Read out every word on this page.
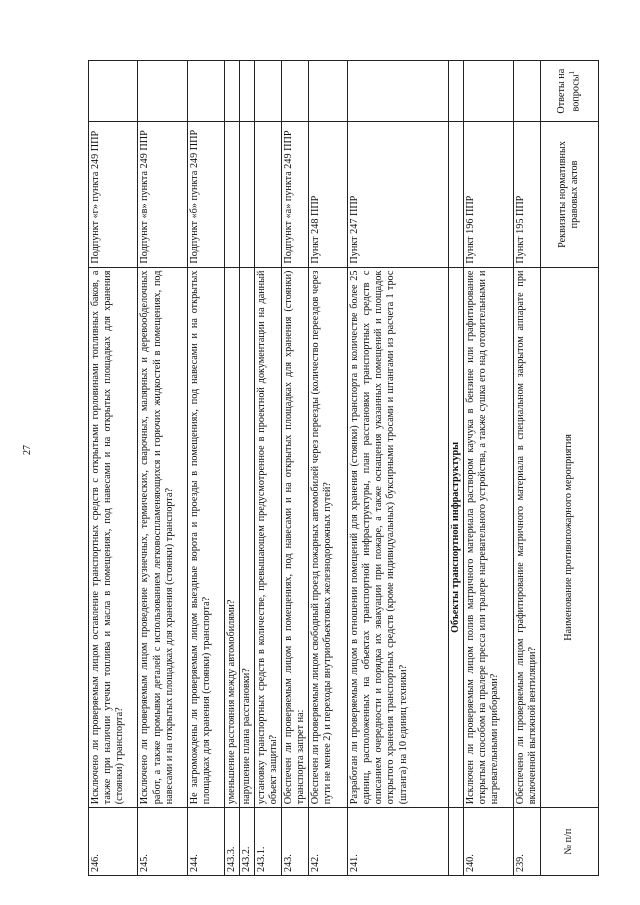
27
246.	Исключено ли проверяемым лицом оставление транспортных средств с открытыми горловинами топливных баков, а также при наличии утечки топлива и масла в помещениях, под навесами и на открытых площадках для хранения (стоянки) транспорта?	Подпункт «г» пункта 249 ППР	
245.	Исключено ли проверяемым лицом проведение кузнечных, термических, сварочных, малярных и деревообделочных работ, а также промывки деталей с использованием легковоспламеняющихся и горючих жидкостей в помещениях, под навесами и на открытых площадках для хранения (стоянки) транспорта?	Подпункт «в» пункта 249 ППР	
244.	Не загромождены ли проверяемым лицом выездные ворота и проезды в помещениях, под навесами и на открытых площадках для хранения (стоянки) транспорта?	Подпункт «б» пункта 249 ППР	
243.3.	уменьшение расстояния между автомобилями?		
243.2.	нарушение плана расстановки?		
243.1.	установку транспортных средств в количестве, превышающем предусмотренное в проектной документации на данный объект защиты?		
243.	Обеспечен ли проверяемым лицом в помещениях, под навесами и на открытых площадках для хранения (стоянки) транспорта запрет на:	Подпункт «а» пункта 249 ППР	
242.	Обеспечен ли проверяемым лицом свободный проезд пожарных автомобилей через переезды (количество переездов через пути не менее 2) и переходы внутриобъектовых железнодорожных путей?	Пункт 248 ППР	
241.	Разработан ли проверяемым лицом в отношении помещений для хранения (стоянки) транспорта в количестве более 25 единиц, расположенных на объектах транспортной инфраструктуры, план расстановки транспортных средств с описанием очередности и порядка их эвакуации при пожаре, а также оснащения указанных помещений и площадок открытого хранения транспортных средств (кроме индивидуальных) буксирными тросами и штангами из расчета 1 трос (штанга) на 10 единиц техники?	Пункт 247 ППР	
	Объекты транспортной инфраструктуры		
240.	Исключен ли проверяемым лицом полив матричного материала раствором каучука в бензине или графитирование открытым способом на пралере пресса или тралере нагревательного устройства, а также сушка его над отопительными и нагревательными приборами?	Пункт 196 ППР	
239.	Обеспечено ли проверяемым лицом графитирование матричного материала в специальном закрытом аппарате при включенной вытяжной вентиляции?	Пункт 195 ППР	
№ п/п	Наименование противопожарного мероприятия	Реквизиты нормативных правовых актов	Ответы на вопросы$^1$
